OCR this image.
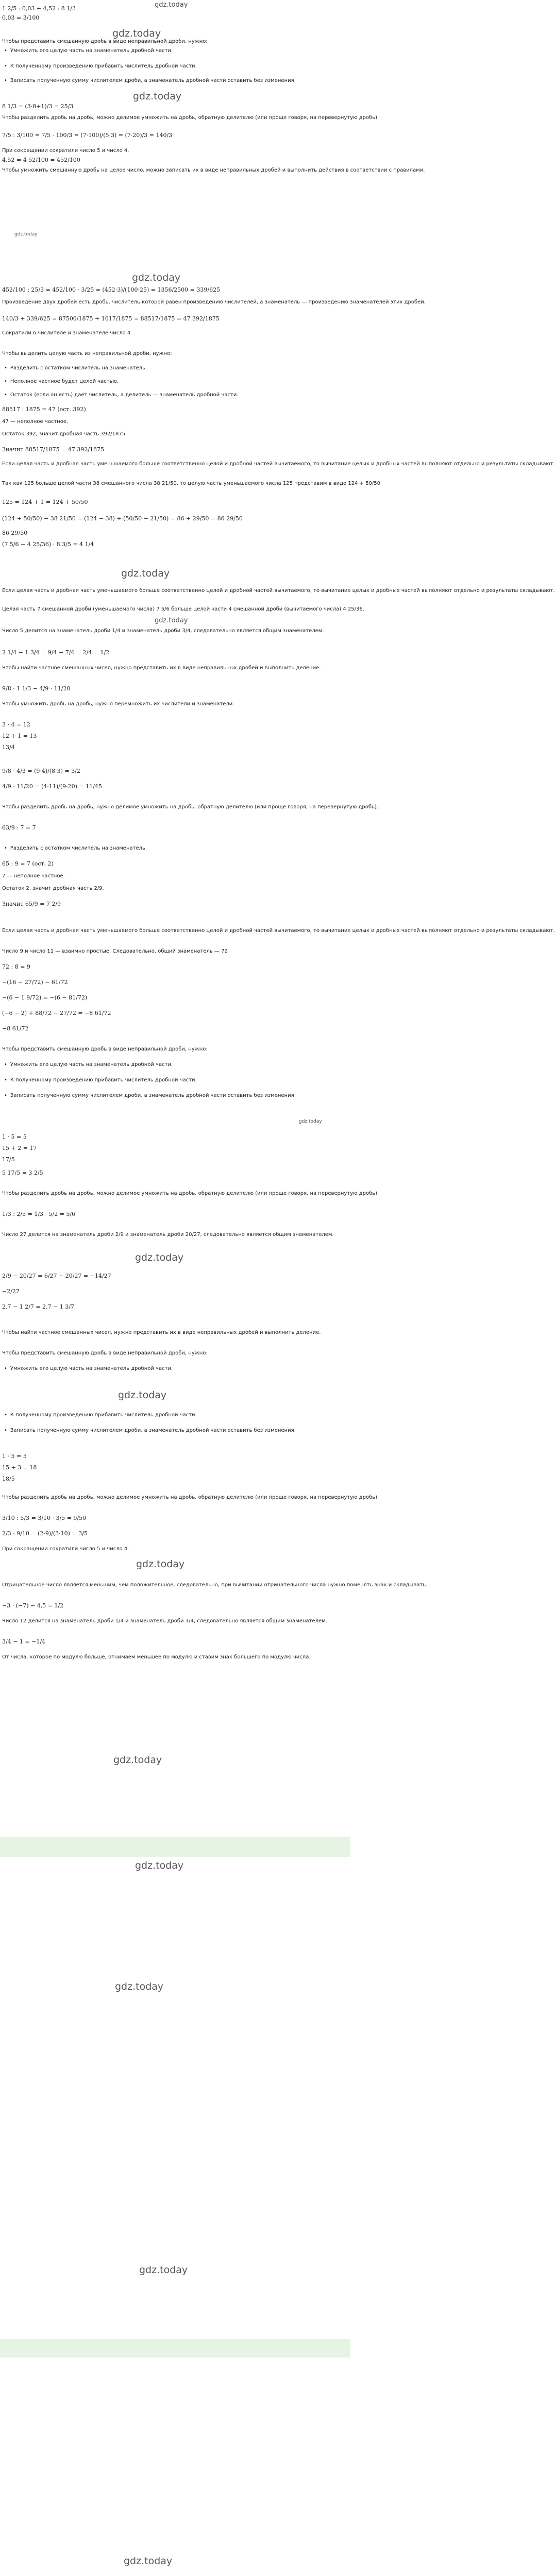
gdz.today
gdz.today
gdz.today
gdz.today
gdz.today
gdz.today
gdz.today
gdz.today
gdz.today
gdz.today
gdz.today
gdz.today
gdz.today
gdz.today
gdz.today
gdz.today
1 2/5 : 0,03 + 4,52 : 8 1/3
0,03 = 3/100
Чтобы представить смешанную дробь в виде неправильной дроби, нужно:
• Умножить его целую часть на знаменатель дробной части.
• К полученному произведению прибавить числитель дробной части.
• Записать полученную сумму числителем дроби, а знаменатель дробной части оставить без изменения
8 1/3 = (3·8+1)/3 = 25/3
Чтобы разделить дробь на дробь, можно делимое умножить на дробь, обратную делителю (или проще говоря, на перевернутую дробь).
7/5 : 3/100 = 7/5 · 100/3 = (7·100)/(5·3) = (7·20)/3 = 140/3
При сокращении сократили число 5 и число 4.
4,52 = 4 52/100 = 452/100
Чтобы умножить смешанную дробь на целое число, можно записать их в виде неправильных дробей и выполнить действия в соответствии с правилами.
452/100 : 25/3 = 452/100 · 3/25 = (452·3)/(100·25) = 1356/2500 = 339/625
Произведение двух дробей есть дробь, числитель которой равен произведению числителей, а знаменатель — произведению знаменателей этих дробей.
140/3 + 339/625 = 87500/1875 + 1017/1875 = 88517/1875 = 47 392/1875
Сократили в числителе и знаменателе число 4.
Чтобы выделить целую часть из неправильной дроби, нужно:
• Разделить с остатком числитель на знаменатель.
• Неполное частное будет целой частью.
• Остаток (если он есть) дает числитель, а делитель — знаменатель дробной части.
88517 : 1875 = 47 (ост. 392)
47 — неполное частное.
Остаток 392, значит дробная часть 392/1875.
Значит 88517/1875 = 47 392/1875
Если целая часть и дробная часть уменьшаемого больше соответственно целой и дробной частей вычитаемого, то вычитание целых и дробных частей выполняют отдельно и результаты складывают.
Так как 125 больше целой части 38 смешанного числа 38 21/50, то целую часть уменьшаемого числа 125 представим в виде 124 + 50/50
125 = 124 + 1 = 124 + 50/50
(124 + 50/50) − 38 21/50 = (124 − 38) + (50/50 − 21/50) = 86 + 29/50 = 86 29/50
86 29/50
(7 5/6 − 4 25/36) · 8 3/5 = 4 1/4
Если целая часть и дробная часть уменьшаемого больше соответственно целой и дробной частей вычитаемого, то вычитание целых и дробных частей выполняют отдельно и результаты складывают.
Целая часть 7 смешанной дроби (уменьшаемого числа) 7 5/6 больше целой части 4 смешанной дроби (вычитаемого числа) 4 25/36.
Число 5 делится на знаменатель дроби 1/4 и знаменатель дроби 3/4, следовательно является общим знаменателем.
2 1/4 − 1 3/4 = 9/4 − 7/4 = 2/4 = 1/2
Чтобы найти частное смешанных чисел, нужно представить их в виде неправильных дробей и выполнить деление.
9/8 · 1 1/3 − 4/9 · 11/20
Чтобы умножить дробь на дробь, нужно перемножить их числители и знаменатели.
3 · 4 = 12
12 + 1 = 13
13/4
9/8 · 4/3 = (9·4)/(8·3) = 3/2
4/9 · 11/20 = (4·11)/(9·20) = 11/45
Чтобы разделить дробь на дробь, нужно делимое умножить на дробь, обратную делителю (или проще говоря, на перевернутую дробь).
63/9 : 7 = 7
• Разделить с остатком числитель на знаменатель.
65 : 9 = 7 (ост. 2)
7 — неполное частное.
Остаток 2, значит дробная часть 2/9.
Значит 65/9 = 7 2/9
Если целая часть и дробная часть уменьшаемого больше соответственно целой и дробной частей вычитаемого, то вычитание целых и дробных частей выполняют отдельно и результаты складывают.
Число 9 и число 11 — взаимно простые. Следовательно, общий знаменатель — 72
72 : 8 = 9
−(16 − 27/72) − 61/72
−(6 − 1 9/72) = −(6 − 81/72)
(−6 − 2) + 88/72 − 27/72 = −8 61/72
−8 61/72
Чтобы представить смешанную дробь в виде неправильной дроби, нужно:
• Умножить его целую часть на знаменатель дробной части.
• К полученному произведению прибавить числитель дробной части.
• Записать полученную сумму числителем дроби, а знаменатель дробной части оставить без изменения
1 · 5 = 5
15 + 2 = 17
17/5
5 17/5 = 3 2/5
Чтобы разделить дробь на дробь, можно делимое умножить на дробь, обратную делителю (или проще говоря, на перевернутую дробь).
1/3 : 2/5 = 1/3 · 5/2 = 5/6
Число 27 делится на знаменатель дроби 2/9 и знаменатель дроби 20/27, следовательно является общим знаменателем.
2/9 − 20/27 = 6/27 − 20/27 = −14/27
−2/27
2,7 − 1 2/7 = 2,7 − 1 3/7
Чтобы найти частное смешанных чисел, нужно представить их в виде неправильных дробей и выполнить деление.
Чтобы представить смешанную дробь в виде неправильной дроби, нужно:
• Умножить его целую часть на знаменатель дробной части.
• К полученному произведению прибавить числитель дробной части.
• Записать полученную сумму числителем дроби, а знаменатель дробной части оставить без изменения
1 · 5 = 5
15 + 3 = 18
18/5
Чтобы разделить дробь на дробь, можно делимое умножить на дробь, обратную делителю (или проще говоря, на перевернутую дробь).
3/10 : 5/3 = 3/10 · 3/5 = 9/50
2/3 · 9/10 = (2·9)/(3·10) = 3/5
При сокращении сократили число 5 и число 4.
Отрицательное число является меньшим, чем положительное, следовательно, при вычитании отрицательного числа нужно поменять знак и складывать.
−3 · (−7) − 4,5 = 1/2
Число 12 делится на знаменатель дроби 1/4 и знаменатель дроби 3/4, следовательно является общим знаменателем.
3/4 − 1 = −1/4
От числа, которое по модулю больше, отнимаем меньшее по модулю и ставим знак большего по модулю числа.
